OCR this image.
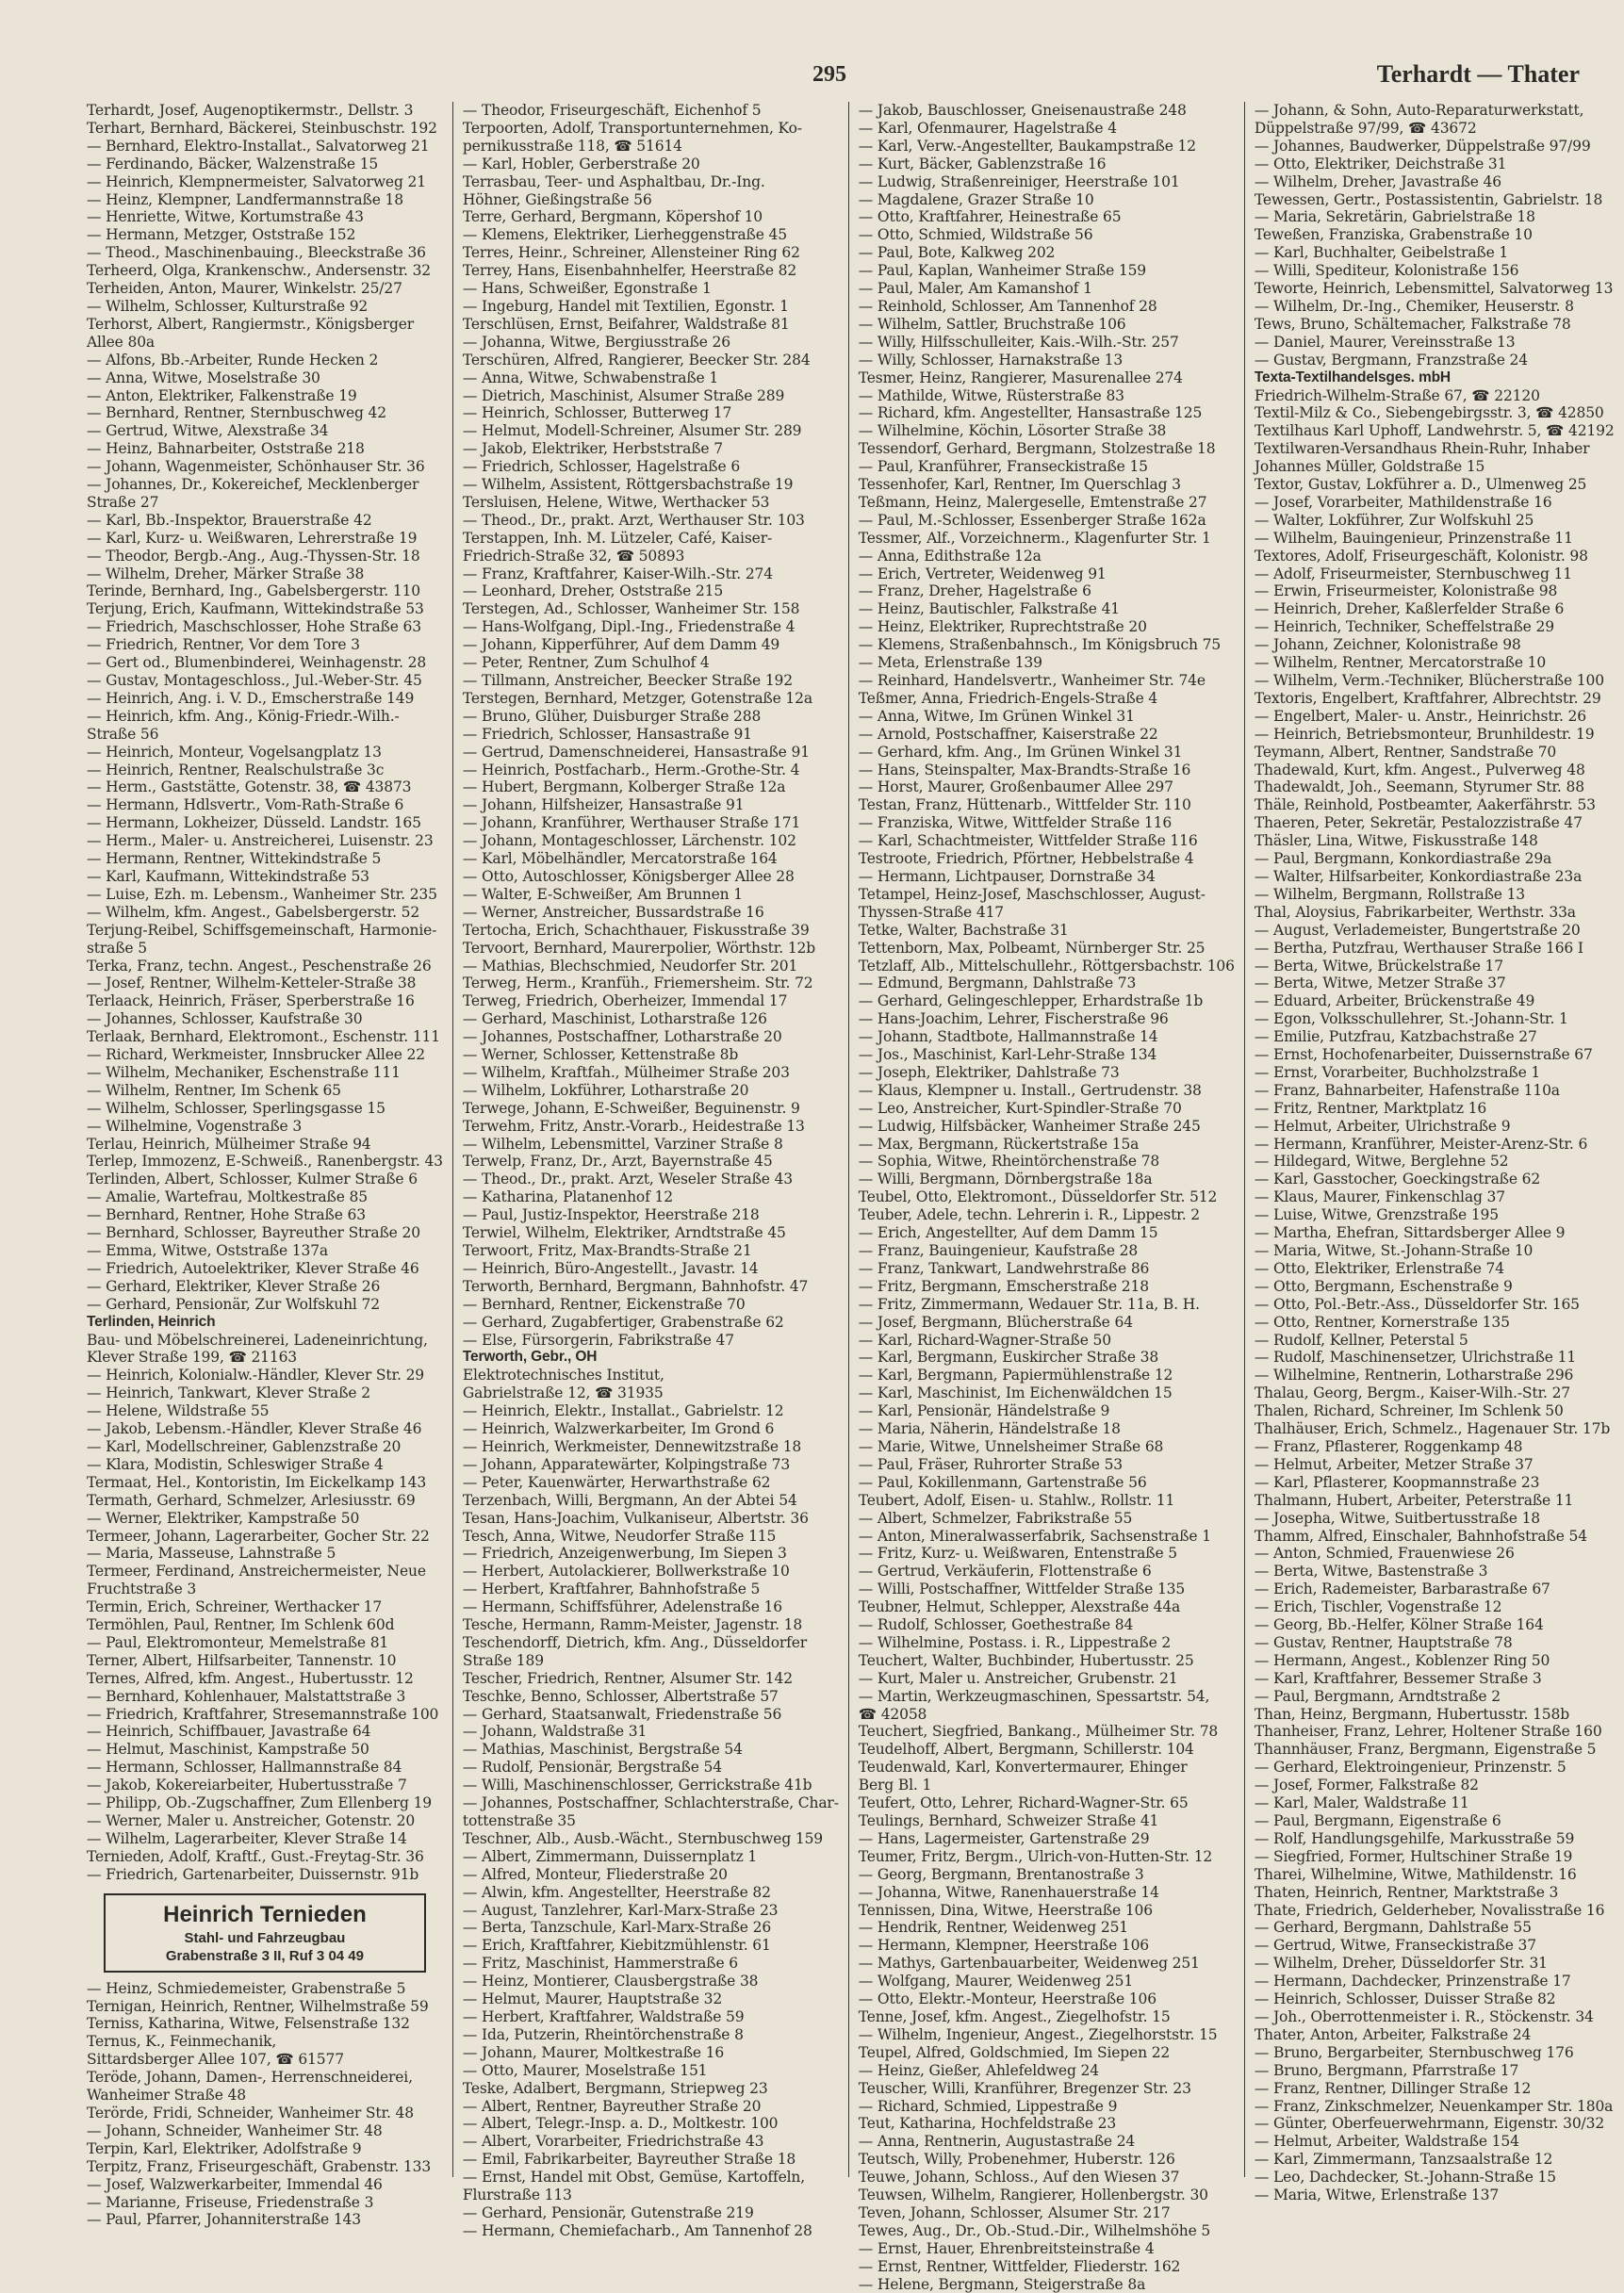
295	Terhardt — Thater
Terhardt, Josef, Augenoptikermstr., Dellstr. 3
Terhart, Bernhard, Bäckerei, Steinbuschstr. 192
— Bernhard, Elektro-Installat., Salvatorweg 21
— Ferdinando, Bäcker, Walzenstraße 15
— Heinrich, Klempnermeister, Salvatorweg 21
— Heinz, Klempner, Landfermannstraße 18
— Henriette, Witwe, Kortumstraße 43
— Hermann, Metzger, Oststraße 152
— Theod., Maschinenbauing., Bleeckstraße 36
Terheerd, Olga, Krankenschw., Andersenstr. 32
Terheiden, Anton, Maurer, Winkelstr. 25/27
— Wilhelm, Schlosser, Kulturstraße 92
Terhorst, Albert, Rangiermstr., Königsberger
Allee 80a
— Alfons, Bb.-Arbeiter, Runde Hecken 2
— Anna, Witwe, Moselstraße 30
— Anton, Elektriker, Falkenstraße 19
— Bernhard, Rentner, Sternbuschweg 42
— Gertrud, Witwe, Alexstraße 34
— Heinz, Bahnarbeiter, Oststraße 218
— Johann, Wagenmeister, Schönhauser Str. 36
— Johannes, Dr., Kokereichef, Mecklenberger
Straße 27
— Karl, Bb.-Inspektor, Brauerstraße 42
— Karl, Kurz- u. Weißwaren, Lehrerstraße 19
— Theodor, Bergb.-Ang., Aug.-Thyssen-Str. 18
— Wilhelm, Dreher, Märker Straße 38
Terinde, Bernhard, Ing., Gabelsbergerstr. 110
Terjung, Erich, Kaufmann, Wittekindstraße 53
— Friedrich, Maschschlosser, Hohe Straße 63
— Friedrich, Rentner, Vor dem Tore 3
— Gert od., Blumenbinderei, Weinhagenstr. 28
— Gustav, Montageschloss., Jul.-Weber-Str. 45
— Heinrich, Ang. i. V. D., Emscherstraße 149
— Heinrich, kfm. Ang., König-Friedr.-Wilh.-
Straße 56
— Heinrich, Monteur, Vogelsangplatz 13
— Heinrich, Rentner, Realschulstraße 3c
— Herm., Gaststätte, Gotenstr. 38, ☎ 43873
— Hermann, Hdlsvertr., Vom-Rath-Straße 6
— Hermann, Lokheizer, Düsseld. Landstr. 165
— Herm., Maler- u. Anstreicherei, Luisenstr. 23
— Hermann, Rentner, Wittekindstraße 5
— Karl, Kaufmann, Wittekindstraße 53
— Luise, Ezh. m. Lebensm., Wanheimer Str. 235
— Wilhelm, kfm. Angest., Gabelsbergerstr. 52
Terjung-Reibel, Schiffsgemeinschaft, Harmonie-
straße 5
Terka, Franz, techn. Angest., Peschenstraße 26
— Josef, Rentner, Wilhelm-Ketteler-Straße 38
Terlaack, Heinrich, Fräser, Sperberstraße 16
— Johannes, Schlosser, Kaufstraße 30
Terlaak, Bernhard, Elektromont., Eschenstr. 111
— Richard, Werkmeister, Innsbrucker Allee 22
— Wilhelm, Mechaniker, Eschenstraße 111
— Wilhelm, Rentner, Im Schenk 65
— Wilhelm, Schlosser, Sperlingsgasse 15
— Wilhelmine, Vogenstraße 3
Terlau, Heinrich, Mülheimer Straße 94
Terlep, Immozenz, E-Schweiß., Ranenbergstr. 43
Terlinden, Albert, Schlosser, Kulmer Straße 6
— Amalie, Wartefrau, Moltkestraße 85
— Bernhard, Rentner, Hohe Straße 63
— Bernhard, Schlosser, Bayreuther Straße 20
— Emma, Witwe, Oststraße 137a
— Friedrich, Autoelektriker, Klever Straße 46
— Gerhard, Elektriker, Klever Straße 26
— Gerhard, Pensionär, Zur Wolfskuhl 72
Terlinden, Heinrich
Bau- und Möbelschreinerei, Ladeneinrichtung,
Klever Straße 199, ☎ 21163
— Heinrich, Kolonialw.-Händler, Klever Str. 29
— Heinrich, Tankwart, Klever Straße 2
— Helene, Wildstraße 55
— Jakob, Lebensm.-Händler, Klever Straße 46
— Karl, Modellschreiner, Gablenzstraße 20
— Klara, Modistin, Schleswiger Straße 4
Termaat, Hel., Kontoristin, Im Eickelkamp 143
Termath, Gerhard, Schmelzer, Arlesiusstr. 69
— Werner, Elektriker, Kampstraße 50
Termeer, Johann, Lagerarbeiter, Gocher Str. 22
— Maria, Masseuse, Lahnstraße 5
Termeer, Ferdinand, Anstreichermeister, Neue
Fruchtstraße 3
Termin, Erich, Schreiner, Werthacker 17
Termöhlen, Paul, Rentner, Im Schlenk 60d
— Paul, Elektromonteur, Memelstraße 81
Terner, Albert, Hilfsarbeiter, Tannenstr. 10
Ternes, Alfred, kfm. Angest., Hubertusstr. 12
— Bernhard, Kohlenhauer, Malstattstraße 3
— Friedrich, Kraftfahrer, Stresemannstraße 100
— Heinrich, Schiffbauer, Javastraße 64
— Helmut, Maschinist, Kampstraße 50
— Hermann, Schlosser, Hallmannstraße 84
— Jakob, Kokereiarbeiter, Hubertusstraße 7
— Philipp, Ob.-Zugschaffner, Zum Ellenberg 19
— Werner, Maler u. Anstreicher, Gotenstr. 20
— Wilhelm, Lagerarbeiter, Klever Straße 14
Ternieden, Adolf, Kraftf., Gust.-Freytag-Str. 36
— Friedrich, Gartenarbeiter, Duissernstr. 91b
Heinrich Ternieden
Stahl- und Fahrzeugbau
Grabenstraße 3 II, Ruf 3 04 49
— Heinz, Schmiedemeister, Grabenstraße 5
Ternigan, Heinrich, Rentner, Wilhelmstraße 59
Terniss, Katharina, Witwe, Felsenstraße 132
Ternus, K., Feinmechanik,
Sittardsberger Allee 107, ☎ 61577
Teröde, Johann, Damen-, Herrenschneiderei,
Wanheimer Straße 48
Terörde, Fridi, Schneider, Wanheimer Str. 48
— Johann, Schneider, Wanheimer Str. 48
Terpin, Karl, Elektriker, Adolfstraße 9
Terpitz, Franz, Friseurgeschäft, Grabenstr. 133
— Josef, Walzwerkarbeiter, Immendal 46
— Marianne, Friseuse, Friedenstraße 3
— Paul, Pfarrer, Johanniterstraße 143
— Theodor, Friseurgeschäft, Eichenhof 5
Terpoorten, Adolf, Transportunternehmen, Ko-
pernikusstraße 118, ☎ 51614
— Karl, Hobler, Gerberstraße 20
Terrasbau, Teer- und Asphaltbau, Dr.-Ing.
Höhner, Gießingstraße 56
Terre, Gerhard, Bergmann, Köpershof 10
— Klemens, Elektriker, Lierheggenstraße 45
Terres, Heinr., Schreiner, Allensteiner Ring 62
Terrey, Hans, Eisenbahnhelfer, Heerstraße 82
— Hans, Schweißer, Egonstraße 1
— Ingeburg, Handel mit Textilien, Egonstr. 1
Terschlüsen, Ernst, Beifahrer, Waldstraße 81
— Johanna, Witwe, Bergiusstraße 26
Terschüren, Alfred, Rangierer, Beecker Str. 284
— Anna, Witwe, Schwabenstraße 1
— Dietrich, Maschinist, Alsumer Straße 289
— Heinrich, Schlosser, Butterweg 17
— Helmut, Modell-Schreiner, Alsumer Str. 289
— Jakob, Elektriker, Herbststraße 7
— Friedrich, Schlosser, Hagelstraße 6
— Wilhelm, Assistent, Röttgersbachstraße 19
Tersluisen, Helene, Witwe, Werthacker 53
— Theod., Dr., prakt. Arzt, Werthauser Str. 103
Terstappen, Inh. M. Lützeler, Café, Kaiser-
Friedrich-Straße 32, ☎ 50893
— Franz, Kraftfahrer, Kaiser-Wilh.-Str. 274
— Leonhard, Dreher, Oststraße 215
Terstegen, Ad., Schlosser, Wanheimer Str. 158
— Hans-Wolfgang, Dipl.-Ing., Friedenstraße 4
— Johann, Kipperführer, Auf dem Damm 49
— Peter, Rentner, Zum Schulhof 4
— Tillmann, Anstreicher, Beecker Straße 192
Terstegen, Bernhard, Metzger, Gotenstraße 12a
— Bruno, Glüher, Duisburger Straße 288
— Friedrich, Schlosser, Hansastraße 91
— Gertrud, Damenschneiderei, Hansastraße 91
— Heinrich, Postfacharb., Herm.-Grothe-Str. 4
— Hubert, Bergmann, Kolberger Straße 12a
— Johann, Hilfsheizer, Hansastraße 91
— Johann, Kranführer, Werthauser Straße 171
— Johann, Montageschlosser, Lärchenstr. 102
— Karl, Möbelhändler, Mercatorstraße 164
— Otto, Autoschlosser, Königsberger Allee 28
— Walter, E-Schweißer, Am Brunnen 1
— Werner, Anstreicher, Bussardstraße 16
Tertocha, Erich, Schachthauer, Fiskusstraße 39
Tervoort, Bernhard, Maurerpolier, Wörthstr. 12b
— Mathias, Blechschmied, Neudorfer Str. 201
Terweg, Herm., Kranfüh., Friemersheim. Str. 72
Terweg, Friedrich, Oberheizer, Immendal 17
— Gerhard, Maschinist, Lotharstraße 126
— Johannes, Postschaffner, Lotharstraße 20
— Werner, Schlosser, Kettenstraße 8b
— Wilhelm, Kraftfah., Mülheimer Straße 203
— Wilhelm, Lokführer, Lotharstraße 20
Terwege, Johann, E-Schweißer, Beguinenstr. 9
Terwehm, Fritz, Anstr.-Vorarb., Heidestraße 13
— Wilhelm, Lebensmittel, Varziner Straße 8
Terwelp, Franz, Dr., Arzt, Bayernstraße 45
— Theod., Dr., prakt. Arzt, Weseler Straße 43
— Katharina, Platanenhof 12
— Paul, Justiz-Inspektor, Heerstraße 218
Terwiel, Wilhelm, Elektriker, Arndtstraße 45
Terwoort, Fritz, Max-Brandts-Straße 21
— Heinrich, Büro-Angestellt., Javastr. 14
Terworth, Bernhard, Bergmann, Bahnhofstr. 47
— Bernhard, Rentner, Eickenstraße 70
— Gerhard, Zugabfertiger, Grabenstraße 62
— Else, Fürsorgerin, Fabrikstraße 47
Terworth, Gebr., OH
Elektrotechnisches Institut,
Gabrielstraße 12, ☎ 31935
— Heinrich, Elektr., Installat., Gabrielstr. 12
— Heinrich, Walzwerkarbeiter, Im Grond 6
— Heinrich, Werkmeister, Dennewitzstraße 18
— Johann, Apparatewärter, Kolpingstraße 73
— Peter, Kauenwärter, Herwarthstraße 62
Terzenbach, Willi, Bergmann, An der Abtei 54
Tesan, Hans-Joachim, Vulkaniseur, Albertstr. 36
Tesch, Anna, Witwe, Neudorfer Straße 115
— Friedrich, Anzeigenwerbung, Im Siepen 3
— Herbert, Autolackierer, Bollwerkstraße 10
— Herbert, Kraftfahrer, Bahnhofstraße 5
— Hermann, Schiffsführer, Adelenstraße 16
Tesche, Hermann, Ramm-Meister, Jagenstr. 18
Teschendorff, Dietrich, kfm. Ang., Düsseldorfer
Straße 189
Tescher, Friedrich, Rentner, Alsumer Str. 142
Teschke, Benno, Schlosser, Albertstraße 57
— Gerhard, Staatsanwalt, Friedenstraße 56
— Johann, Waldstraße 31
— Mathias, Maschinist, Bergstraße 54
— Rudolf, Pensionär, Bergstraße 54
— Willi, Maschinenschlosser, Gerrickstraße 41b
— Johannes, Postschaffner, Schlachterstraße, Char-
tottenstraße 35
Teschner, Alb., Ausb.-Wächt., Sternbuschweg 159
— Albert, Zimmermann, Duissernplatz 1
— Alfred, Monteur, Fliederstraße 20
— Alwin, kfm. Angestellter, Heerstraße 82
— August, Tanzlehrer, Karl-Marx-Straße 23
— Berta, Tanzschule, Karl-Marx-Straße 26
— Erich, Kraftfahrer, Kiebitzmühlenstr. 61
— Fritz, Maschinist, Hammerstraße 6
— Heinz, Montierer, Clausbergstraße 38
— Helmut, Maurer, Hauptstraße 32
— Herbert, Kraftfahrer, Waldstraße 59
— Ida, Putzerin, Rheintörchenstraße 8
— Johann, Maurer, Moltkestraße 16
— Otto, Maurer, Moselstraße 151
Teske, Adalbert, Bergmann, Striepweg 23
— Albert, Rentner, Bayreuther Straße 20
— Albert, Telegr.-Insp. a. D., Moltkestr. 100
— Albert, Vorarbeiter, Friedrichstraße 43
— Emil, Fabrikarbeiter, Bayreuther Straße 18
— Ernst, Handel mit Obst, Gemüse, Kartoffeln,
Flurstraße 113
— Gerhard, Pensionär, Gutenstraße 219
— Hermann, Chemiefacharb., Am Tannenhof 28
— Jakob, Bauschlosser, Gneisenaustraße 248
— Karl, Ofenmaurer, Hagelstraße 4
— Karl, Verw.-Angestellter, Baukampstraße 12
— Kurt, Bäcker, Gablenzstraße 16
— Ludwig, Straßenreiniger, Heerstraße 101
— Magdalene, Grazer Straße 10
— Otto, Kraftfahrer, Heinestraße 65
— Otto, Schmied, Wildstraße 56
— Paul, Bote, Kalkweg 202
— Paul, Kaplan, Wanheimer Straße 159
— Paul, Maler, Am Kamanshof 1
— Reinhold, Schlosser, Am Tannenhof 28
— Wilhelm, Sattler, Bruchstraße 106
— Willy, Hilfsschulleiter, Kais.-Wilh.-Str. 257
— Willy, Schlosser, Harnakstraße 13
Tesmer, Heinz, Rangierer, Masurenallee 274
— Mathilde, Witwe, Rüsterstraße 83
— Richard, kfm. Angestellter, Hansastraße 125
— Wilhelmine, Köchin, Lösorter Straße 38
Tessendorf, Gerhard, Bergmann, Stolzestraße 18
— Paul, Kranführer, Franseckistraße 15
Tessenhofer, Karl, Rentner, Im Querschlag 3
Teßmann, Heinz, Malergeselle, Emtenstraße 27
— Paul, M.-Schlosser, Essenberger Straße 162a
Tessmer, Alf., Vorzeichnerm., Klagenfurter Str. 1
— Anna, Edithstraße 12a
— Erich, Vertreter, Weidenweg 91
— Franz, Dreher, Hagelstraße 6
— Heinz, Bautischler, Falkstraße 41
— Heinz, Elektriker, Ruprechtstraße 20
— Klemens, Straßenbahnsch., Im Königsbruch 75
— Meta, Erlenstraße 139
— Reinhard, Handelsvertr., Wanheimer Str. 74e
Teßmer, Anna, Friedrich-Engels-Straße 4
— Anna, Witwe, Im Grünen Winkel 31
— Arnold, Postschaffner, Kaiserstraße 22
— Gerhard, kfm. Ang., Im Grünen Winkel 31
— Hans, Steinspalter, Max-Brandts-Straße 16
— Horst, Maurer, Großenbaumer Allee 297
Testan, Franz, Hüttenarb., Wittfelder Str. 110
— Franziska, Witwe, Wittfelder Straße 116
— Karl, Schachtmeister, Wittfelder Straße 116
Testroote, Friedrich, Pförtner, Hebbelstraße 4
— Hermann, Lichtpauser, Dornstraße 34
Tetampel, Heinz-Josef, Maschschlosser, August-
Thyssen-Straße 417
Tetke, Walter, Bachstraße 31
Tettenborn, Max, Polbeamt, Nürnberger Str. 25
Tetzlaff, Alb., Mittelschullehr., Röttgersbachstr. 106
— Edmund, Bergmann, Dahlstraße 73
— Gerhard, Gelingeschlepper, Erhardstraße 1b
— Hans-Joachim, Lehrer, Fischerstraße 96
— Johann, Stadtbote, Hallmannstraße 14
— Jos., Maschinist, Karl-Lehr-Straße 134
— Joseph, Elektriker, Dahlstraße 73
— Klaus, Klempner u. Install., Gertrudenstr. 38
— Leo, Anstreicher, Kurt-Spindler-Straße 70
— Ludwig, Hilfsbäcker, Wanheimer Straße 245
— Max, Bergmann, Rückertstraße 15a
— Sophia, Witwe, Rheintörchenstraße 78
— Willi, Bergmann, Dörnbergstraße 18a
Teubel, Otto, Elektromont., Düsseldorfer Str. 512
Teuber, Adele, techn. Lehrerin i. R., Lippestr. 2
— Erich, Angestellter, Auf dem Damm 15
— Franz, Bauingenieur, Kaufstraße 28
— Franz, Tankwart, Landwehrstraße 86
— Fritz, Bergmann, Emscherstraße 218
— Fritz, Zimmermann, Wedauer Str. 11a, B. H.
— Josef, Bergmann, Blücherstraße 64
— Karl, Richard-Wagner-Straße 50
— Karl, Bergmann, Euskircher Straße 38
— Karl, Bergmann, Papiermühlenstraße 12
— Karl, Maschinist, Im Eichenwäldchen 15
— Karl, Pensionär, Händelstraße 9
— Maria, Näherin, Händelstraße 18
— Marie, Witwe, Unnelsheimer Straße 68
— Paul, Fräser, Ruhrorter Straße 53
— Paul, Kokillenmann, Gartenstraße 56
Teubert, Adolf, Eisen- u. Stahlw., Rollstr. 11
— Albert, Schmelzer, Fabrikstraße 55
— Anton, Mineralwasserfabrik, Sachsenstraße 1
— Fritz, Kurz- u. Weißwaren, Entenstraße 5
— Gertrud, Verkäuferin, Flottenstraße 6
— Willi, Postschaffner, Wittfelder Straße 135
Teubner, Helmut, Schlepper, Alexstraße 44a
— Rudolf, Schlosser, Goethestraße 84
— Wilhelmine, Postass. i. R., Lippestraße 2
Teuchert, Walter, Buchbinder, Hubertusstr. 25
— Kurt, Maler u. Anstreicher, Grubenstr. 21
— Martin, Werkzeugmaschinen, Spessartstr. 54,
☎ 42058
Teuchert, Siegfried, Bankang., Mülheimer Str. 78
Teudelhoff, Albert, Bergmann, Schillerstr. 104
Teudenwald, Karl, Konvertermaurer, Ehinger
Berg Bl. 1
Teufert, Otto, Lehrer, Richard-Wagner-Str. 65
Teulings, Bernhard, Schweizer Straße 41
— Hans, Lagermeister, Gartenstraße 29
Teumer, Fritz, Bergm., Ulrich-von-Hutten-Str. 12
— Georg, Bergmann, Brentanostraße 3
— Johanna, Witwe, Ranenhauerstraße 14
Tennissen, Dina, Witwe, Heerstraße 106
— Hendrik, Rentner, Weidenweg 251
— Hermann, Klempner, Heerstraße 106
— Mathys, Gartenbauarbeiter, Weidenweg 251
— Wolfgang, Maurer, Weidenweg 251
— Otto, Elektr.-Monteur, Heerstraße 106
Tenne, Josef, kfm. Angest., Ziegelhofstr. 15
— Wilhelm, Ingenieur, Angest., Ziegelhorststr. 15
Teupel, Alfred, Goldschmied, Im Siepen 22
— Heinz, Gießer, Ahlefeldweg 24
Teuscher, Willi, Kranführer, Bregenzer Str. 23
— Richard, Schmied, Lippestraße 9
Teut, Katharina, Hochfeldstraße 23
— Anna, Rentnerin, Augustastraße 24
Teutsch, Willy, Probenehmer, Huberstr. 126
Teuwe, Johann, Schloss., Auf den Wiesen 37
Teuwsen, Wilhelm, Rangierer, Hollenbergstr. 30
Teven, Johann, Schlosser, Alsumer Str. 217
Tewes, Aug., Dr., Ob.-Stud.-Dir., Wilhelmshöhe 5
— Ernst, Hauer, Ehrenbreitsteinstraße 4
— Ernst, Rentner, Wittfelder, Fliederstr. 162
— Helene, Bergmann, Steigerstraße 8a
— Johann, & Sohn, Auto-Reparaturwerkstatt,
Düppelstraße 97/99, ☎ 43672
— Johannes, Baudwerker, Düppelstraße 97/99
— Otto, Elektriker, Deichstraße 31
— Wilhelm, Dreher, Javastraße 46
Tewessen, Gertr., Postassistentin, Gabrielstr. 18
— Maria, Sekretärin, Gabrielstraße 18
Teweßen, Franziska, Grabenstraße 10
— Karl, Buchhalter, Geibelstraße 1
— Willi, Spediteur, Kolonistraße 156
Teworte, Heinrich, Lebensmittel, Salvatorweg 13
— Wilhelm, Dr.-Ing., Chemiker, Heuserstr. 8
Tews, Bruno, Schältemacher, Falkstraße 78
— Daniel, Maurer, Vereinsstraße 13
— Gustav, Bergmann, Franzstraße 24
Texta-Textilhandelsges. mbH
Friedrich-Wilhelm-Straße 67, ☎ 22120
Textil-Milz & Co., Siebengebirgsstr. 3, ☎ 42850
Textilhaus Karl Uphoff, Landwehrstr. 5, ☎ 42192
Textilwaren-Versandhaus Rhein-Ruhr, Inhaber
Johannes Müller, Goldstraße 15
Textor, Gustav, Lokführer a. D., Ulmenweg 25
— Josef, Vorarbeiter, Mathildenstraße 16
— Walter, Lokführer, Zur Wolfskuhl 25
— Wilhelm, Bauingenieur, Prinzenstraße 11
Textores, Adolf, Friseurgeschäft, Kolonistr. 98
— Adolf, Friseurmeister, Sternbuschweg 11
— Erwin, Friseurmeister, Kolonistraße 98
— Heinrich, Dreher, Kaßlerfelder Straße 6
— Heinrich, Techniker, Scheffelstraße 29
— Johann, Zeichner, Kolonistraße 98
— Wilhelm, Rentner, Mercatorstraße 10
— Wilhelm, Verm.-Techniker, Blücherstraße 100
Textoris, Engelbert, Kraftfahrer, Albrechtstr. 29
— Engelbert, Maler- u. Anstr., Heinrichstr. 26
— Heinrich, Betriebsmonteur, Brunhildestr. 19
Teymann, Albert, Rentner, Sandstraße 70
Thadewald, Kurt, kfm. Angest., Pulverweg 48
Thadewaldt, Joh., Seemann, Styrumer Str. 88
Thäle, Reinhold, Postbeamter, Aakerfährstr. 53
Thaeren, Peter, Sekretär, Pestalozzistraße 47
Thäsler, Lina, Witwe, Fiskusstraße 148
— Paul, Bergmann, Konkordiastraße 29a
— Walter, Hilfsarbeiter, Konkordiastraße 23a
— Wilhelm, Bergmann, Rollstraße 13
Thal, Aloysius, Fabrikarbeiter, Werthstr. 33a
— August, Verlademeister, Bungertstraße 20
— Bertha, Putzfrau, Werthauser Straße 166 I
— Berta, Witwe, Brückelstraße 17
— Berta, Witwe, Metzer Straße 37
— Eduard, Arbeiter, Brückenstraße 49
— Egon, Volksschullehrer, St.-Johann-Str. 1
— Emilie, Putzfrau, Katzbachstraße 27
— Ernst, Hochofenarbeiter, Duissernstraße 67
— Ernst, Vorarbeiter, Buchholzstraße 1
— Franz, Bahnarbeiter, Hafenstraße 110a
— Fritz, Rentner, Marktplatz 16
— Helmut, Arbeiter, Ulrichstraße 9
— Hermann, Kranführer, Meister-Arenz-Str. 6
— Hildegard, Witwe, Berglehne 52
— Karl, Gasstocher, Goeckingstraße 62
— Klaus, Maurer, Finkenschlag 37
— Luise, Witwe, Grenzstraße 195
— Martha, Ehefran, Sittardsberger Allee 9
— Maria, Witwe, St.-Johann-Straße 10
— Otto, Elektriker, Erlenstraße 74
— Otto, Bergmann, Eschenstraße 9
— Otto, Pol.-Betr.-Ass., Düsseldorfer Str. 165
— Otto, Rentner, Kornerstraße 135
— Rudolf, Kellner, Peterstal 5
— Rudolf, Maschinensetzer, Ulrichstraße 11
— Wilhelmine, Rentnerin, Lotharstraße 296
Thalau, Georg, Bergm., Kaiser-Wilh.-Str. 27
Thalen, Richard, Schreiner, Im Schlenk 50
Thalhäuser, Erich, Schmelz., Hagenauer Str. 17b
— Franz, Pflasterer, Roggenkamp 48
— Helmut, Arbeiter, Metzer Straße 37
— Karl, Pflasterer, Koopmannstraße 23
Thalmann, Hubert, Arbeiter, Peterstraße 11
— Josepha, Witwe, Suitbertusstraße 18
Thamm, Alfred, Einschaler, Bahnhofstraße 54
— Anton, Schmied, Frauenwiese 26
— Berta, Witwe, Bastenstraße 3
— Erich, Rademeister, Barbarastraße 67
— Erich, Tischler, Vogenstraße 12
— Georg, Bb.-Helfer, Kölner Straße 164
— Gustav, Rentner, Hauptstraße 78
— Hermann, Angest., Koblenzer Ring 50
— Karl, Kraftfahrer, Bessemer Straße 3
— Paul, Bergmann, Arndtstraße 2
Than, Heinz, Bergmann, Hubertusstr. 158b
Thanheiser, Franz, Lehrer, Holtener Straße 160
Thannhäuser, Franz, Bergmann, Eigenstraße 5
— Gerhard, Elektroingenieur, Prinzenstr. 5
— Josef, Former, Falkstraße 82
— Karl, Maler, Waldstraße 11
— Paul, Bergmann, Eigenstraße 6
— Rolf, Handlungsgehilfe, Markusstraße 59
— Siegfried, Former, Hultschiner Straße 19
Tharei, Wilhelmine, Witwe, Mathildenstr. 16
Thaten, Heinrich, Rentner, Marktstraße 3
Thate, Friedrich, Gelderheber, Novalisstraße 16
— Gerhard, Bergmann, Dahlstraße 55
— Gertrud, Witwe, Franseckistraße 37
— Wilhelm, Dreher, Düsseldorfer Str. 31
— Hermann, Dachdecker, Prinzenstraße 17
— Heinrich, Schlosser, Duisser Straße 82
— Joh., Oberrottenmeister i. R., Stöckenstr. 34
Thater, Anton, Arbeiter, Falkstraße 24
— Bruno, Bergarbeiter, Sternbuschweg 176
— Bruno, Bergmann, Pfarrstraße 17
— Franz, Rentner, Dillinger Straße 12
— Franz, Zinkschmelzer, Neuenkamper Str. 180a
— Günter, Oberfeuerwehrmann, Eigenstr. 30/32
— Helmut, Arbeiter, Waldstraße 154
— Karl, Zimmermann, Tanzsaalstraße 12
— Leo, Dachdecker, St.-Johann-Straße 15
— Maria, Witwe, Erlenstraße 137
